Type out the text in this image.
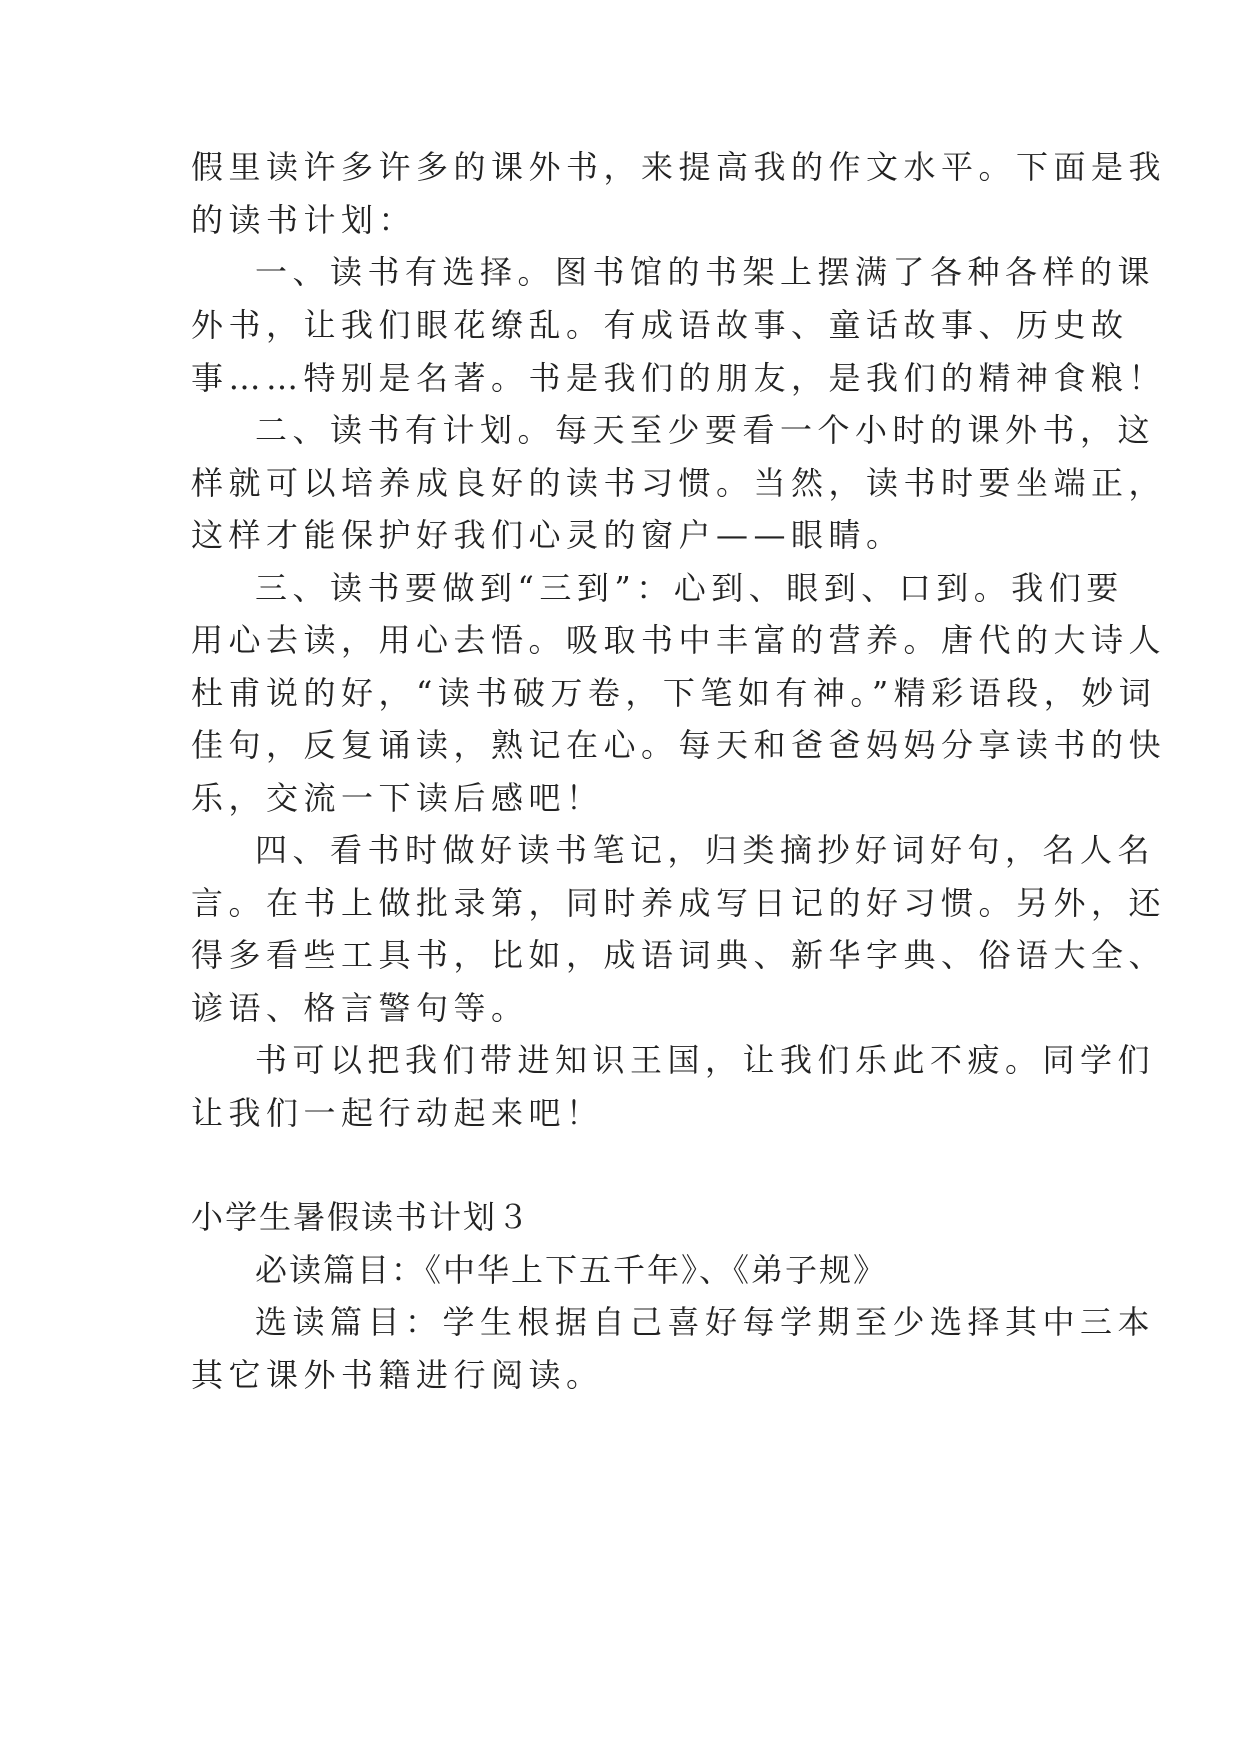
假里读许多许多的课外书，来提高我的作文水平。下面是我
的读书计划：
一、读书有选择。图书馆的书架上摆满了各种各样的课
外书，让我们眼花缭乱。有成语故事、童话故事、历史故
事……特别是名著。书是我们的朋友，是我们的精神食粮！
二、读书有计划。每天至少要看一个小时的课外书，这
样就可以培养成良好的读书习惯。当然，读书时要坐端正，
这样才能保护好我们心灵的窗户——眼睛。
三、读书要做到“三到”：心到、眼到、口到。我们要
用心去读，用心去悟。吸取书中丰富的营养。唐代的大诗人
杜甫说的好，“读书破万卷，下笔如有神。”精彩语段，妙词
佳句，反复诵读，熟记在心。每天和爸爸妈妈分享读书的快
乐，交流一下读后感吧！
四、看书时做好读书笔记，归类摘抄好词好句，名人名
言。在书上做批录第，同时养成写日记的好习惯。另外，还
得多看些工具书，比如，成语词典、新华字典、俗语大全、
谚语、格言警句等。
书可以把我们带进知识王国，让我们乐此不疲。同学们
让我们一起行动起来吧！
小学生暑假读书计划３
必读篇目：《中华上下五千年》、《弟子规》
选读篇目：学生根据自己喜好每学期至少选择其中三本
其它课外书籍进行阅读。
